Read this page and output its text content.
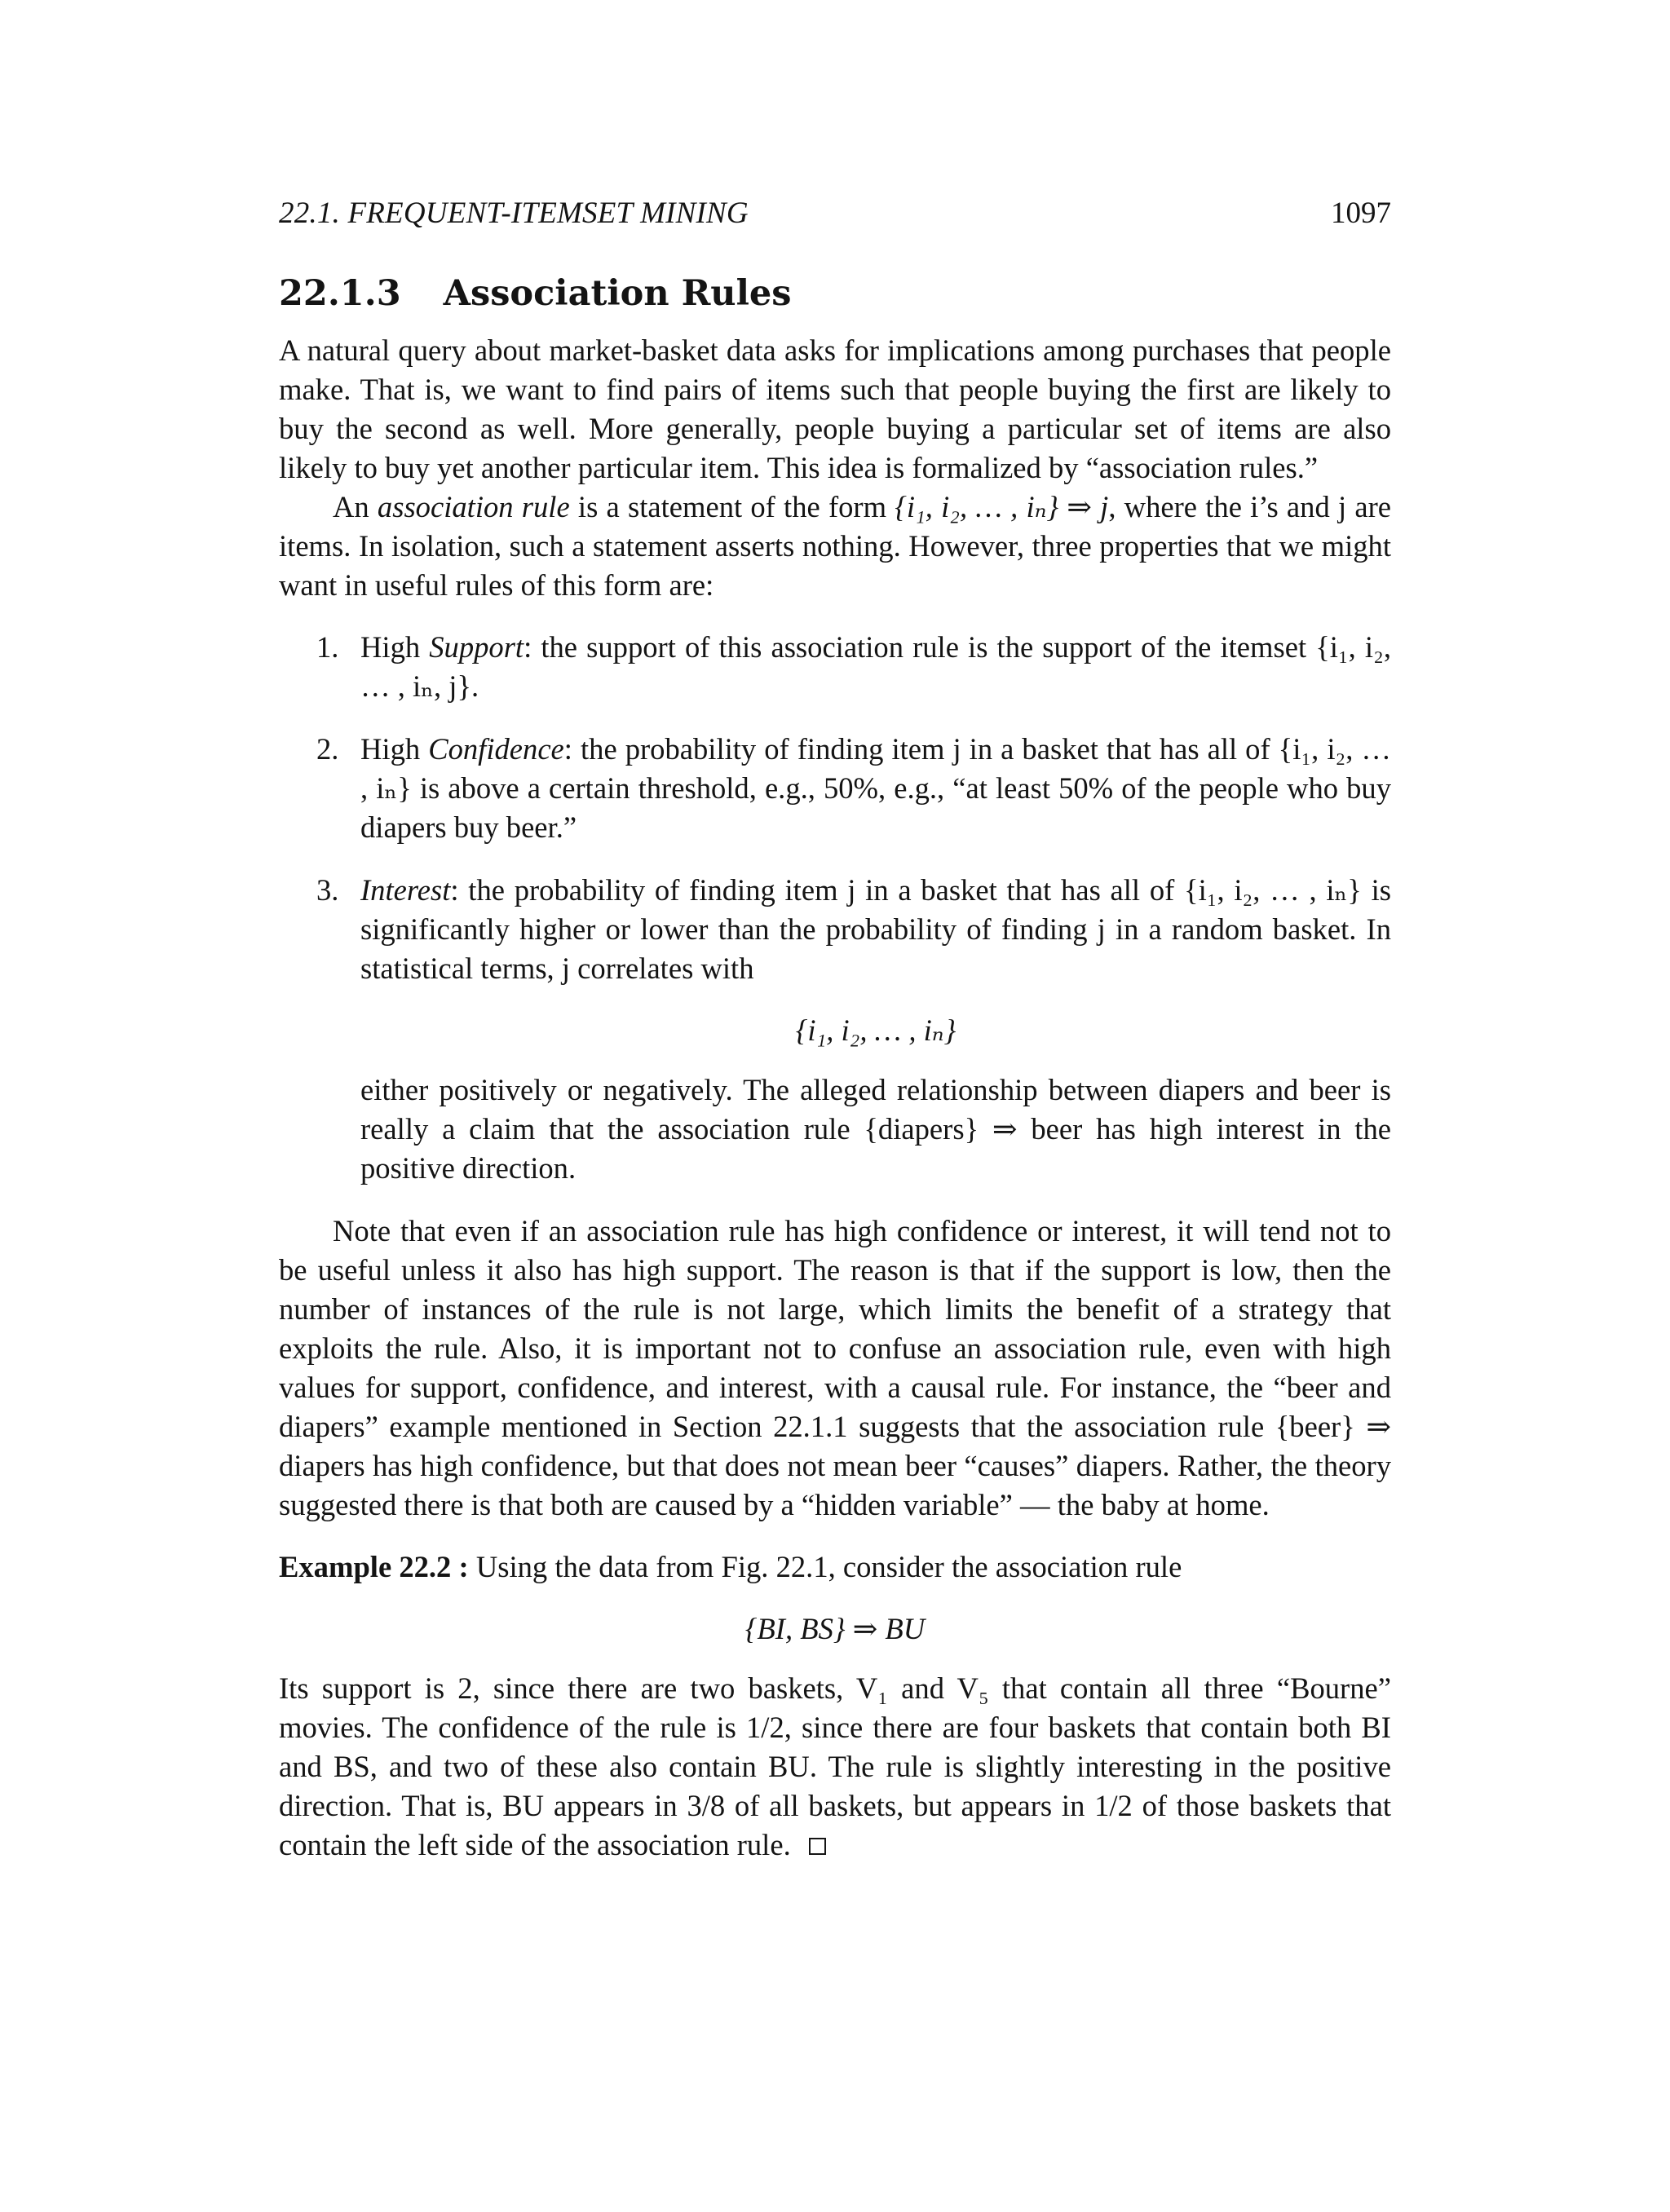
22.1. FREQUENT-ITEMSET MINING	1097
22.1.3 Association Rules

A natural query about market-basket data asks for implications among purchases that people make. That is, we want to find pairs of items such that people buying the first are likely to buy the second as well. More generally, people buying a particular set of items are also likely to buy yet another particular item. This idea is formalized by “association rules.”

An association rule is a statement of the form {i₁, i₂, … , iₙ} ⇒ j, where the i’s and j are items. In isolation, such a statement asserts nothing. However, three properties that we might want in useful rules of this form are:

1. High Support: the support of this association rule is the support of the itemset {i₁, i₂, … , iₙ, j}.
2. High Confidence: the probability of finding item j in a basket that has all of {i₁, i₂, … , iₙ} is above a certain threshold, e.g., 50%, e.g., “at least 50% of the people who buy diapers buy beer.”
3. Interest: the probability of finding item j in a basket that has all of {i₁, i₂, … , iₙ} is significantly higher or lower than the probability of finding j in a random basket. In statistical terms, j correlates with
{i₁, i₂, … , iₙ}
either positively or negatively. The alleged relationship between diapers and beer is really a claim that the association rule {diapers} ⇒ beer has high interest in the positive direction.

Note that even if an association rule has high confidence or interest, it will tend not to be useful unless it also has high support. The reason is that if the support is low, then the number of instances of the rule is not large, which limits the benefit of a strategy that exploits the rule. Also, it is important not to confuse an association rule, even with high values for support, confidence, and interest, with a causal rule. For instance, the “beer and diapers” example mentioned in Section 22.1.1 suggests that the association rule {beer} ⇒ diapers has high confidence, but that does not mean beer “causes” diapers. Rather, the theory suggested there is that both are caused by a “hidden variable” — the baby at home.

Example 22.2 : Using the data from Fig. 22.1, consider the association rule

{BI, BS} ⇒ BU

Its support is 2, since there are two baskets, V₁ and V₅ that contain all three “Bourne” movies. The confidence of the rule is 1/2, since there are four baskets that contain both BI and BS, and two of these also contain BU. The rule is slightly interesting in the positive direction. That is, BU appears in 3/8 of all baskets, but appears in 1/2 of those baskets that contain the left side of the association rule.
